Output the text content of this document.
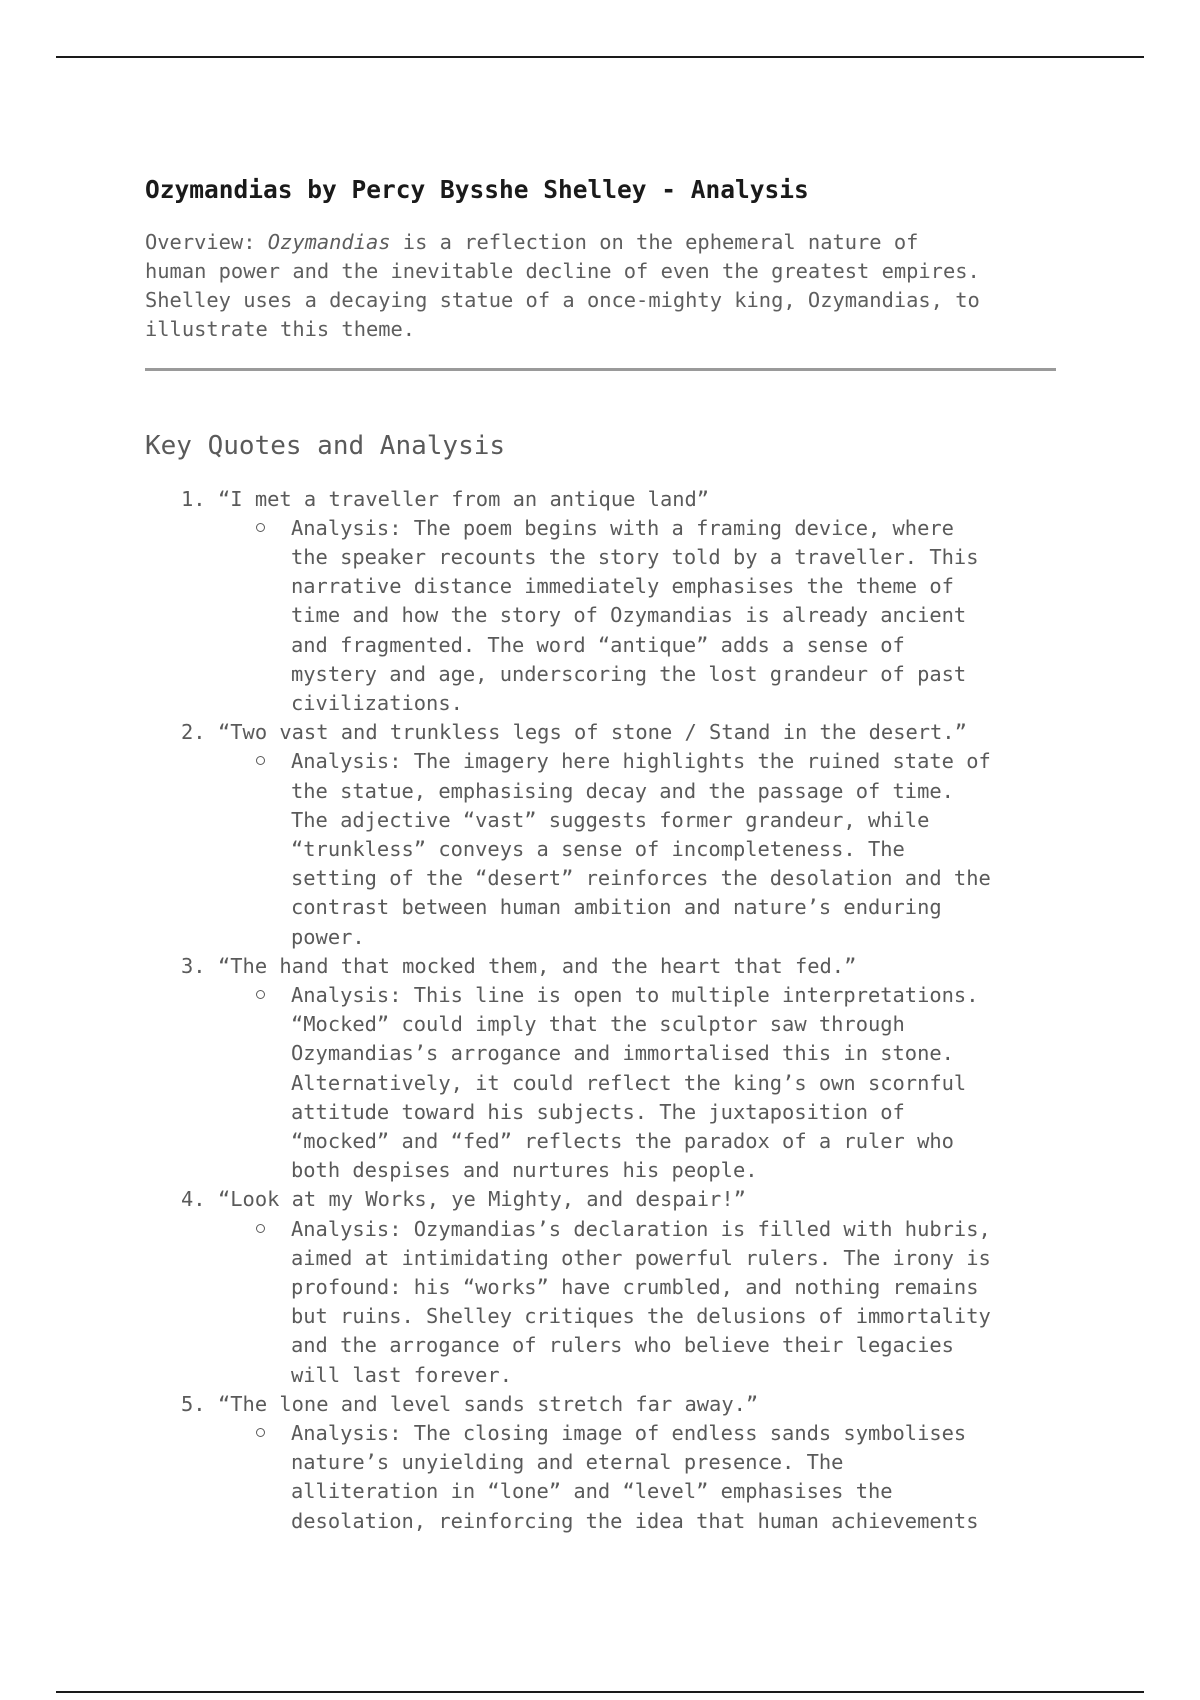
Ozymandias by Percy Bysshe Shelley - Analysis
Overview: Ozymandias is a reflection on the ephemeral nature of
human power and the inevitable decline of even the greatest empires.
Shelley uses a decaying statue of a once-mighty king, Ozymandias, to
illustrate this theme.
Key Quotes and Analysis
1. “I met a traveller from an antique land”
Analysis: The poem begins with a framing device, where
the speaker recounts the story told by a traveller. This
narrative distance immediately emphasises the theme of
time and how the story of Ozymandias is already ancient
and fragmented. The word “antique” adds a sense of
mystery and age, underscoring the lost grandeur of past
civilizations.
2. “Two vast and trunkless legs of stone / Stand in the desert.”
Analysis: The imagery here highlights the ruined state of
the statue, emphasising decay and the passage of time.
The adjective “vast” suggests former grandeur, while
“trunkless” conveys a sense of incompleteness. The
setting of the “desert” reinforces the desolation and the
contrast between human ambition and nature’s enduring
power.
3. “The hand that mocked them, and the heart that fed.”
Analysis: This line is open to multiple interpretations.
“Mocked” could imply that the sculptor saw through
Ozymandias’s arrogance and immortalised this in stone.
Alternatively, it could reflect the king’s own scornful
attitude toward his subjects. The juxtaposition of
“mocked” and “fed” reflects the paradox of a ruler who
both despises and nurtures his people.
4. “Look at my Works, ye Mighty, and despair!”
Analysis: Ozymandias’s declaration is filled with hubris,
aimed at intimidating other powerful rulers. The irony is
profound: his “works” have crumbled, and nothing remains
but ruins. Shelley critiques the delusions of immortality
and the arrogance of rulers who believe their legacies
will last forever.
5. “The lone and level sands stretch far away.”
Analysis: The closing image of endless sands symbolises
nature’s unyielding and eternal presence. The
alliteration in “lone” and “level” emphasises the
desolation, reinforcing the idea that human achievements
